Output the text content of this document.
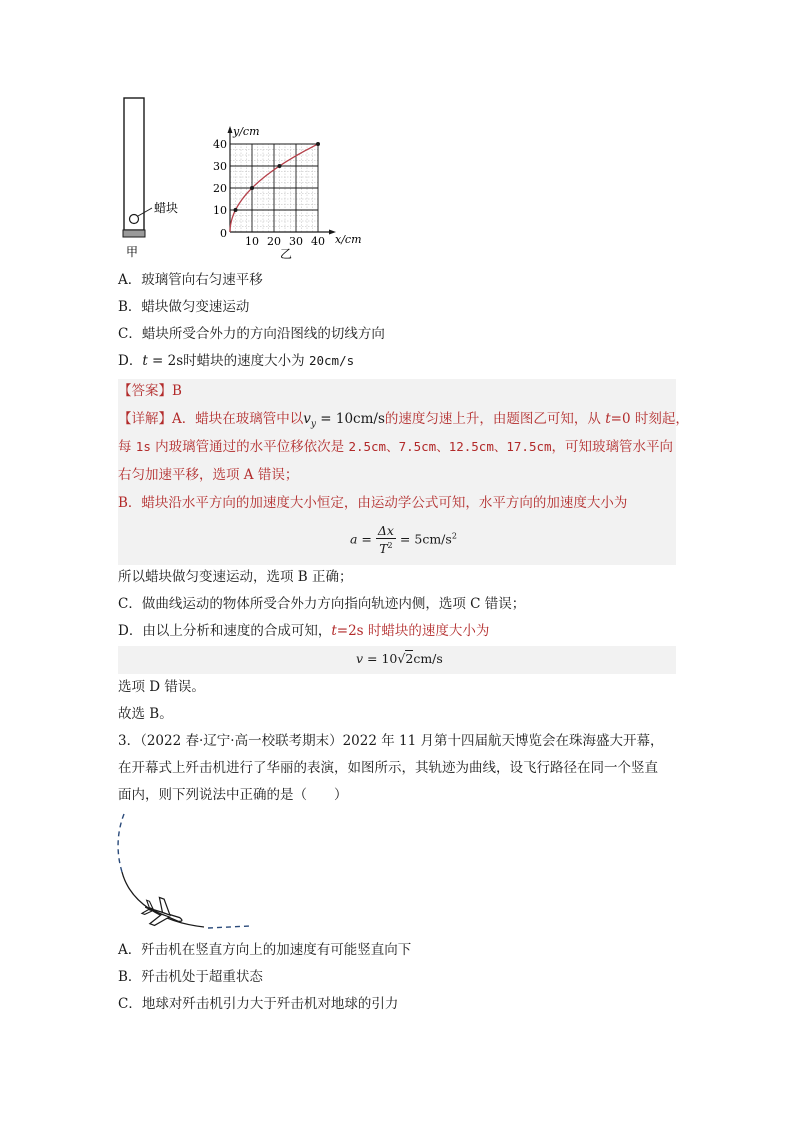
蜡块
甲
y/cm
x/cm
0
10
20
30
40
10 20 30 40
乙
A．玻璃管向右匀速平移
B．蜡块做匀变速运动
C．蜡块所受合外力的方向沿图线的切线方向
D．t = 2s时蜡块的速度大小为 20cm/s
【答案】B
【详解】A．蜡块在玻璃管中以$v_y = 10cm/s$的速度匀速上升，由题图乙可知，从 t=0 时刻起，
每 1s 内玻璃管通过的水平位移依次是 2.5cm、7.5cm、12.5cm、17.5cm，可知玻璃管水平向
右匀加速平移，选项 A 错误；
B．蜡块沿水平方向的加速度大小恒定，由运动学公式可知，水平方向的加速度大小为
$a = \frac{\Delta x}{T^2} = 5cm/s^2$
所以蜡块做匀变速运动，选项 B 正确；
C．做曲线运动的物体所受合外力方向指向轨迹内侧，选项 C 错误；
D．由以上分析和速度的合成可知，t=2s 时蜡块的速度大小为
v = 10√2cm/s
选项 D 错误。
故选 B。
3．（2022 春·辽宁·高一校联考期末）2022 年 11 月第十四届航天博览会在珠海盛大开幕，
在开幕式上歼击机进行了华丽的表演，如图所示，其轨迹为曲线，设飞行路径在同一个竖直
面内，则下列说法中正确的是（　　）
A．歼击机在竖直方向上的加速度有可能竖直向下
B．歼击机处于超重状态
C．地球对歼击机引力大于歼击机对地球的引力
